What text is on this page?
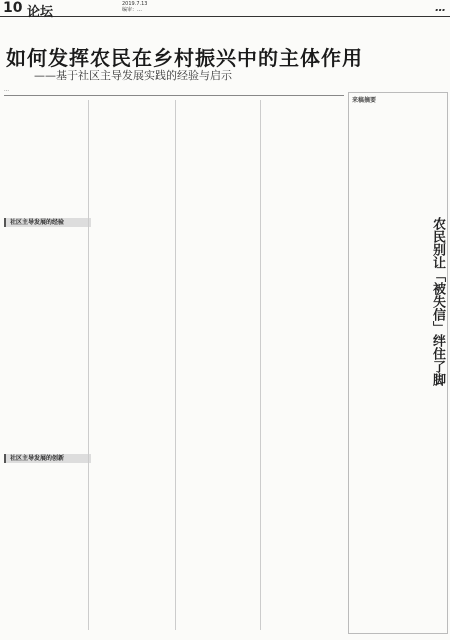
10 论坛
2019.7.13
编审：…	…
如何发挥农民在乡村振兴中的主体作用
——基于社区主导发展实践的经验与启示
…
社区主导发展的经验
社区主导发展的创新
来稿摘要
农民别让「被失信」绊住了脚
